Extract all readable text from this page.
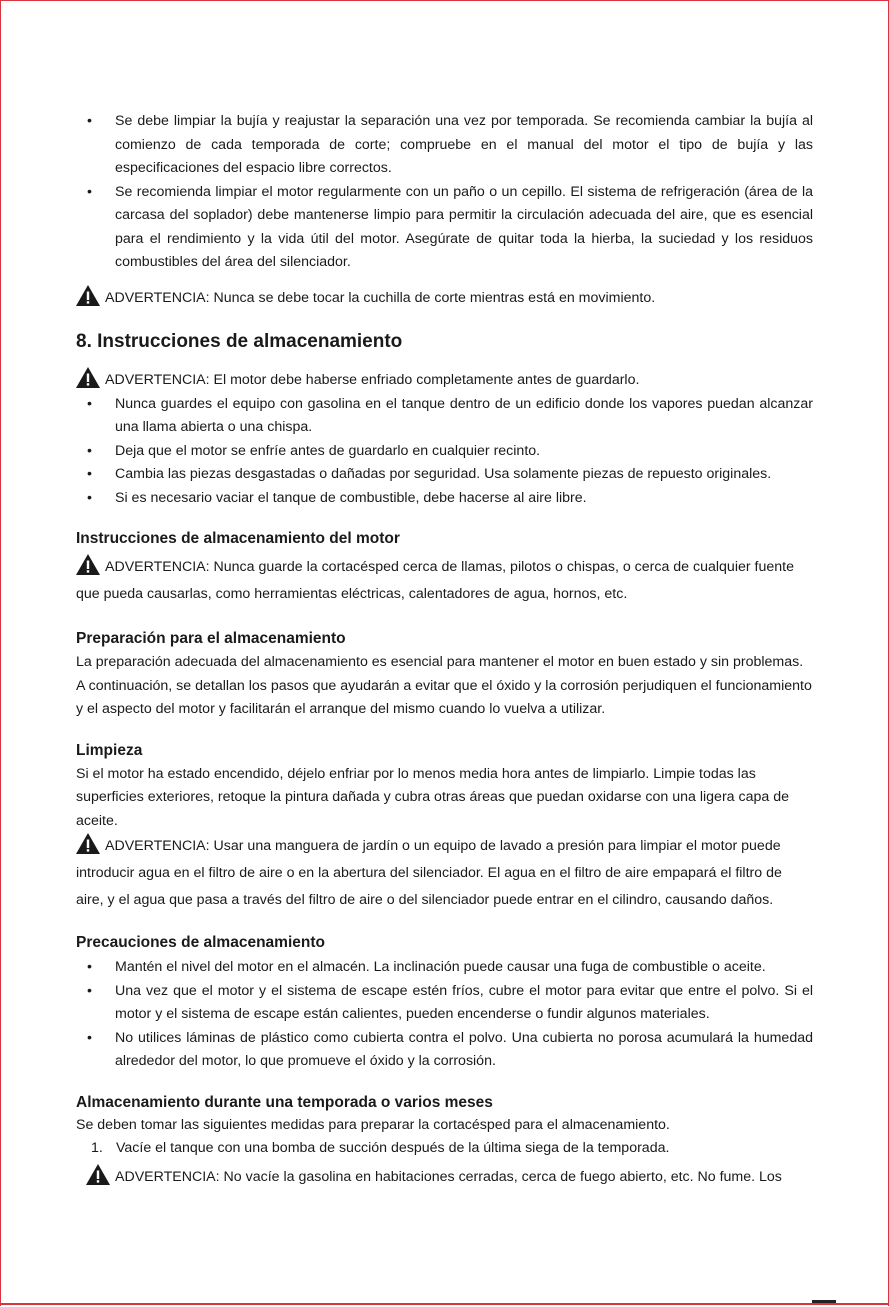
• Se debe limpiar la bujía y reajustar la separación una vez por temporada. Se recomienda cambiar la bujía al comienzo de cada temporada de corte; compruebe en el manual del motor el tipo de bujía y las especificaciones del espacio libre correctos.
• Se recomienda limpiar el motor regularmente con un paño o un cepillo. El sistema de refrigeración (área de la carcasa del soplador) debe mantenerse limpio para permitir la circulación adecuada del aire, que es esencial para el rendimiento y la vida útil del motor. Asegúrate de quitar toda la hierba, la suciedad y los residuos combustibles del área del silenciador.

ADVERTENCIA: Nunca se debe tocar la cuchilla de corte mientras está en movimiento.

8. Instrucciones de almacenamiento

ADVERTENCIA: El motor debe haberse enfriado completamente antes de guardarlo.

• Nunca guardes el equipo con gasolina en el tanque dentro de un edificio donde los vapores puedan alcanzar una llama abierta o una chispa.
• Deja que el motor se enfríe antes de guardarlo en cualquier recinto.
• Cambia las piezas desgastadas o dañadas por seguridad. Usa solamente piezas de repuesto originales.
• Si es necesario vaciar el tanque de combustible, debe hacerse al aire libre.
Instrucciones de almacenamiento del motor

ADVERTENCIA: Nunca guarde la cortacésped cerca de llamas, pilotos o chispas, o cerca de cualquier fuente que pueda causarlas, como herramientas eléctricas, calentadores de agua, hornos, etc.

Preparación para el almacenamiento

La preparación adecuada del almacenamiento es esencial para mantener el motor en buen estado y sin problemas. A continuación, se detallan los pasos que ayudarán a evitar que el óxido y la corrosión perjudiquen el funcionamiento y el aspecto del motor y facilitarán el arranque del mismo cuando lo vuelva a utilizar.

Limpieza

Si el motor ha estado encendido, déjelo enfriar por lo menos media hora antes de limpiarlo. Limpie todas las superficies exteriores, retoque la pintura dañada y cubra otras áreas que puedan oxidarse con una ligera capa de aceite.

ADVERTENCIA: Usar una manguera de jardín o un equipo de lavado a presión para limpiar el motor puede introducir agua en el filtro de aire o en la abertura del silenciador. El agua en el filtro de aire empapará el filtro de aire, y el agua que pasa a través del filtro de aire o del silenciador puede entrar en el cilindro, causando daños.

Precauciones de almacenamiento
• Mantén el nivel del motor en el almacén. La inclinación puede causar una fuga de combustible o aceite.
• Una vez que el motor y el sistema de escape estén fríos, cubre el motor para evitar que entre el polvo. Si el motor y el sistema de escape están calientes, pueden encenderse o fundir algunos materiales.
• No utilices láminas de plástico como cubierta contra el polvo. Una cubierta no porosa acumulará la humedad alrededor del motor, lo que promueve el óxido y la corrosión.
Almacenamiento durante una temporada o varios meses

Se deben tomar las siguientes medidas para preparar la cortacésped para el almacenamiento.

1. Vacíe el tanque con una bomba de succión después de la última siega de la temporada.

ADVERTENCIA: No vacíe la gasolina en habitaciones cerradas, cerca de fuego abierto, etc. No fume. Los
